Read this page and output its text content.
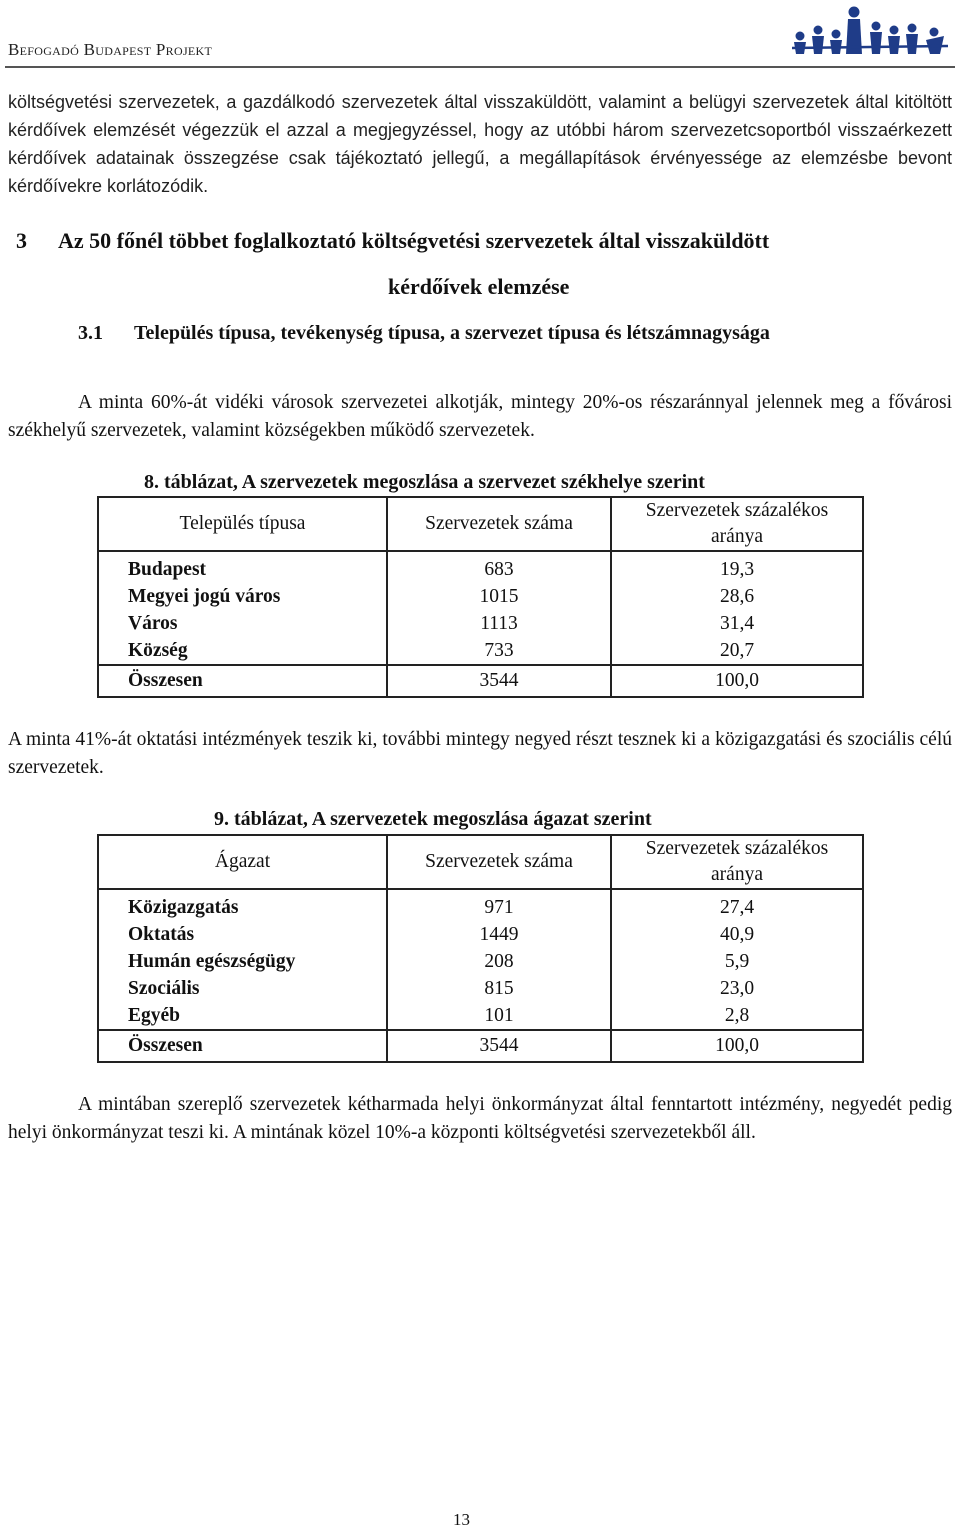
Befogadó Budapest Projekt
költségvetési szervezetek, a gazdálkodó szervezetek által visszaküldött, valamint a belügyi szervezetek által kitöltött kérdőívek elemzését végezzük el azzal a megjegyzéssel, hogy az utóbbi három szervezetcsoportból visszaérkezett kérdőívek adatainak összegzése csak tájékoztató jellegű, a megállapítások érvényessége az elemzésbe bevont kérdőívekre korlátozódik.
3 Az 50 főnél többet foglalkoztató költségvetési szervezetek által visszaküldött
kérdőívek elemzése
3.1 Település típusa, tevékenység típusa, a szervezet típusa és létszámnagysága
A minta 60%-át vidéki városok szervezetei alkotják, mintegy 20%-os részaránnyal jelennek meg a fővárosi székhelyű szervezetek, valamint községekben működő szervezetek.
8. táblázat, A szervezetek megoszlása a szervezet székhelye szerint
Település típusa	Szervezetek száma	Szervezetek százalékos aránya
Budapest	683	19,3
Megyei jogú város	1015	28,6
Város	1113	31,4
Község	733	20,7
Összesen	3544	100,0
A minta 41%-át oktatási intézmények teszik ki, további mintegy negyed részt tesznek ki a közigazgatási és szociális célú szervezetek.
9. táblázat, A szervezetek megoszlása ágazat szerint
Ágazat	Szervezetek száma	Szervezetek százalékos aránya
Közigazgatás	971	27,4
Oktatás	1449	40,9
Humán egészségügy	208	5,9
Szociális	815	23,0
Egyéb	101	2,8
Összesen	3544	100,0
A mintában szereplő szervezetek kétharmada helyi önkormányzat által fenntartott intézmény, negyedét pedig helyi önkormányzat teszi ki. A mintának közel 10%-a központi költségvetési szervezetekből áll.
13
